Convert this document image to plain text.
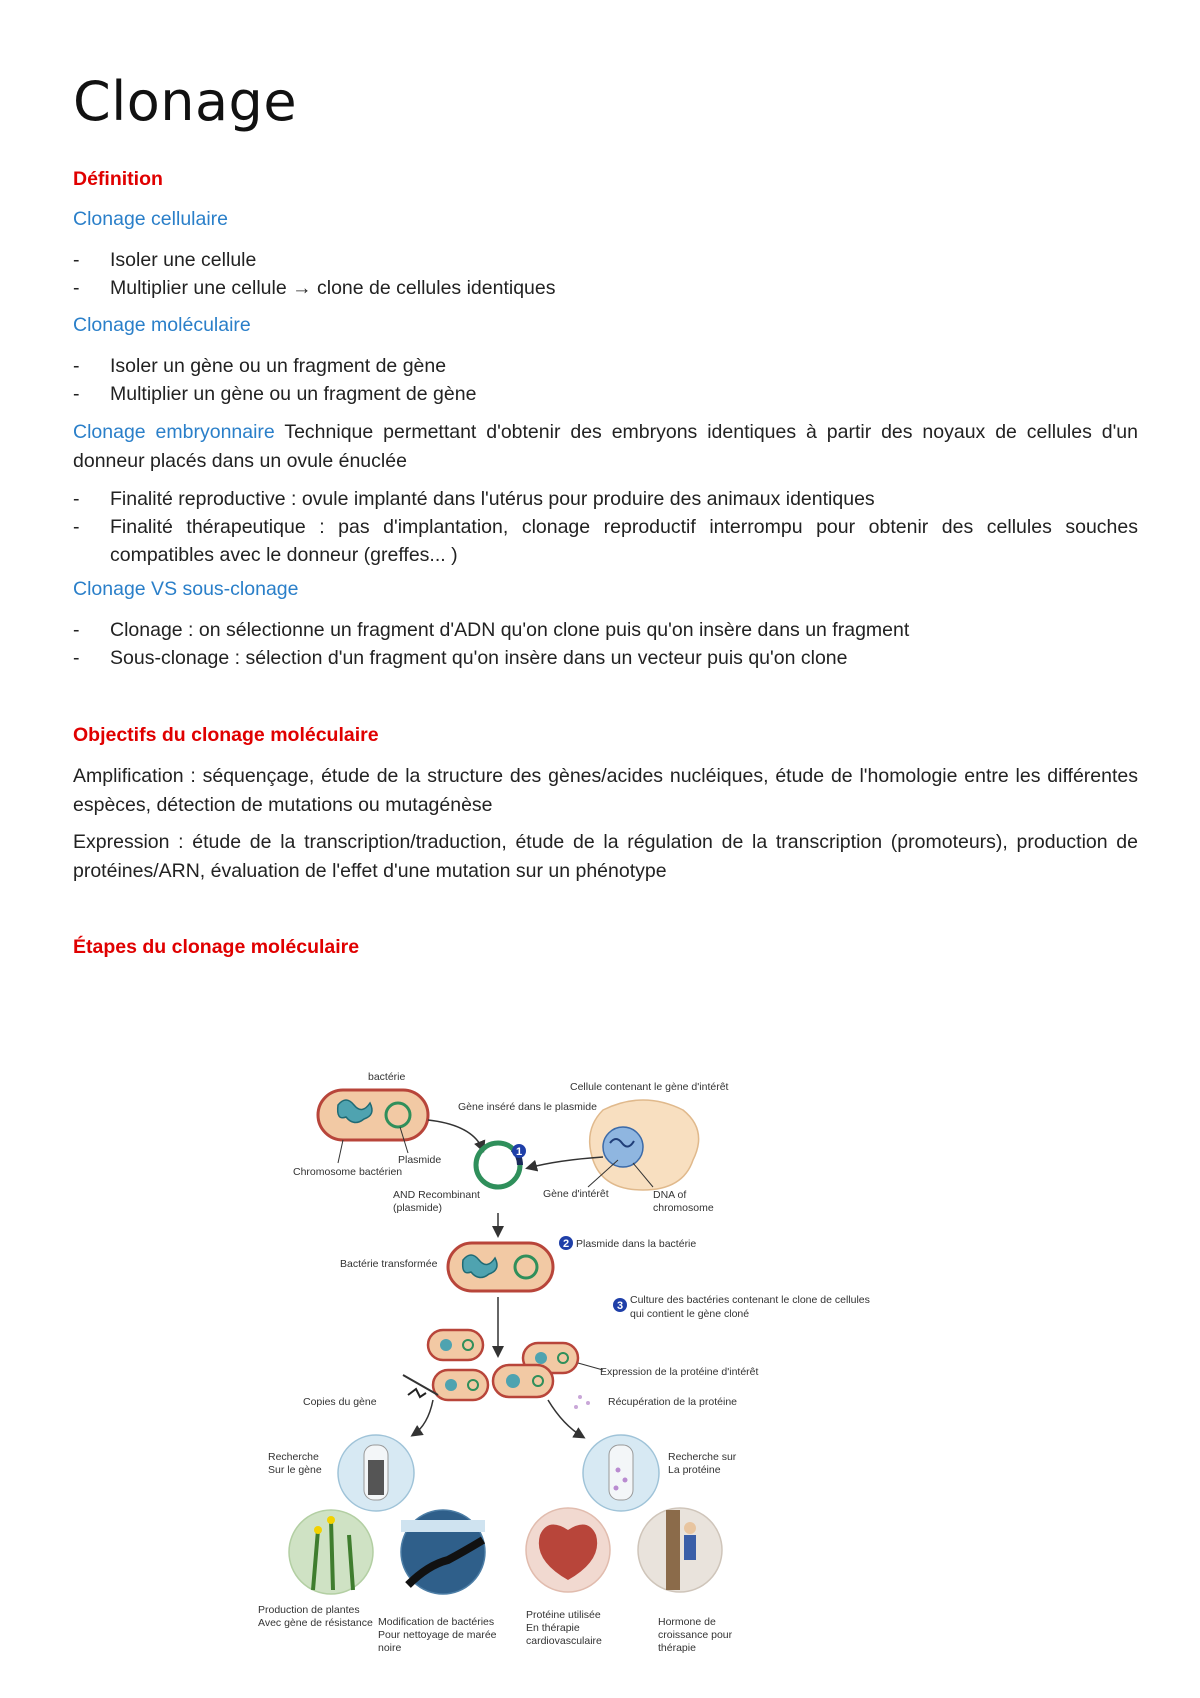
Clonage
Définition
Clonage cellulaire
- Isoler une cellule
- Multiplier une cellule → clone de cellules identiques
Clonage moléculaire
- Isoler un gène ou un fragment de gène
- Multiplier un gène ou un fragment de gène
Clonage embryonnaire Technique permettant d'obtenir des embryons identiques à partir des noyaux de cellules d'un donneur placés dans un ovule énuclée
- Finalité reproductive : ovule implanté dans l'utérus pour produire des animaux identiques
- Finalité thérapeutique : pas d'implantation, clonage reproductif interrompu pour obtenir des cellules souches compatibles avec le donneur (greffes... )
Clonage VS sous-clonage
- Clonage : on sélectionne un fragment d'ADN qu'on clone puis qu'on insère dans un fragment
- Sous-clonage : sélection d'un fragment qu'on insère dans un vecteur puis qu'on clone
Objectifs du clonage moléculaire
Amplification : séquençage, étude de la structure des gènes/acides nucléiques, étude de l'homologie entre les différentes espèces, détection de mutations ou mutagénèse
Expression : étude de la transcription/traduction, étude de la régulation de la transcription (promoteurs), production de protéines/ARN, évaluation de l'effet d'une mutation sur un phénotype
Étapes du clonage moléculaire
bactérie
Chromosome bactérien
Plasmide
Gène inséré dans le plasmide
1
AND Recombinant
(plasmide)
Cellule contenant le gène d'intérêt
Gène d'intérêt	DNA of
chromosome
2 Plasmide dans la bactérie
Bactérie transformée
3 Culture des bactéries contenant le clone de cellules
qui contient le gène cloné
Expression de la protéine d'intérêt
Copies du gène	Récupération de la protéine
Recherche
Sur le gène
Recherche sur
La protéine
Production de plantes
Avec gène de résistance Modification de bactéries
Pour nettoyage de marée
noire
Protéine utilisée
En thérapie
cardiovasculaire
Hormone de
croissance pour
thérapie
